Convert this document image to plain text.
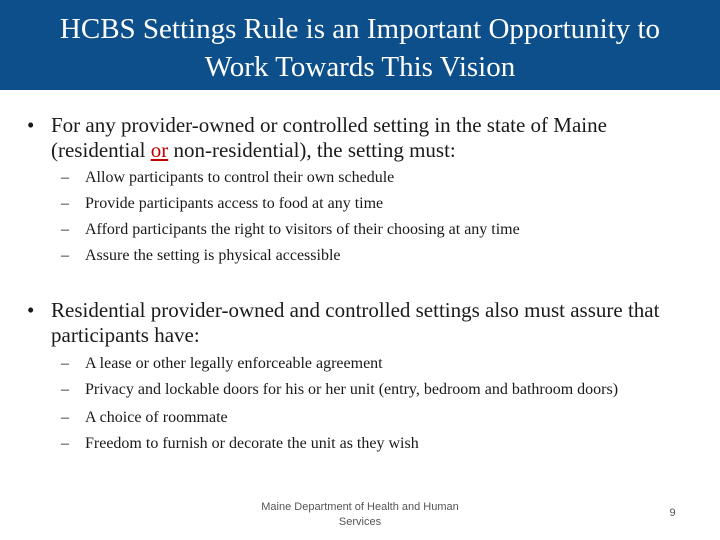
HCBS Settings Rule is an Important Opportunity to
Work Towards This Vision
• For any provider-owned or controlled setting in the state of Maine (residential or non-residential), the setting must:
– Allow participants to control their own schedule
– Provide participants access to food at any time
– Afford participants the right to visitors of their choosing at any time
– Assure the setting is physical accessible
• Residential provider-owned and controlled settings also must assure that participants have:
– A lease or other legally enforceable agreement
– Privacy and lockable doors for his or her unit (entry, bedroom and bathroom doors)
– A choice of roommate
– Freedom to furnish or decorate the unit as they wish
Maine Department of Health and Human Services
9
